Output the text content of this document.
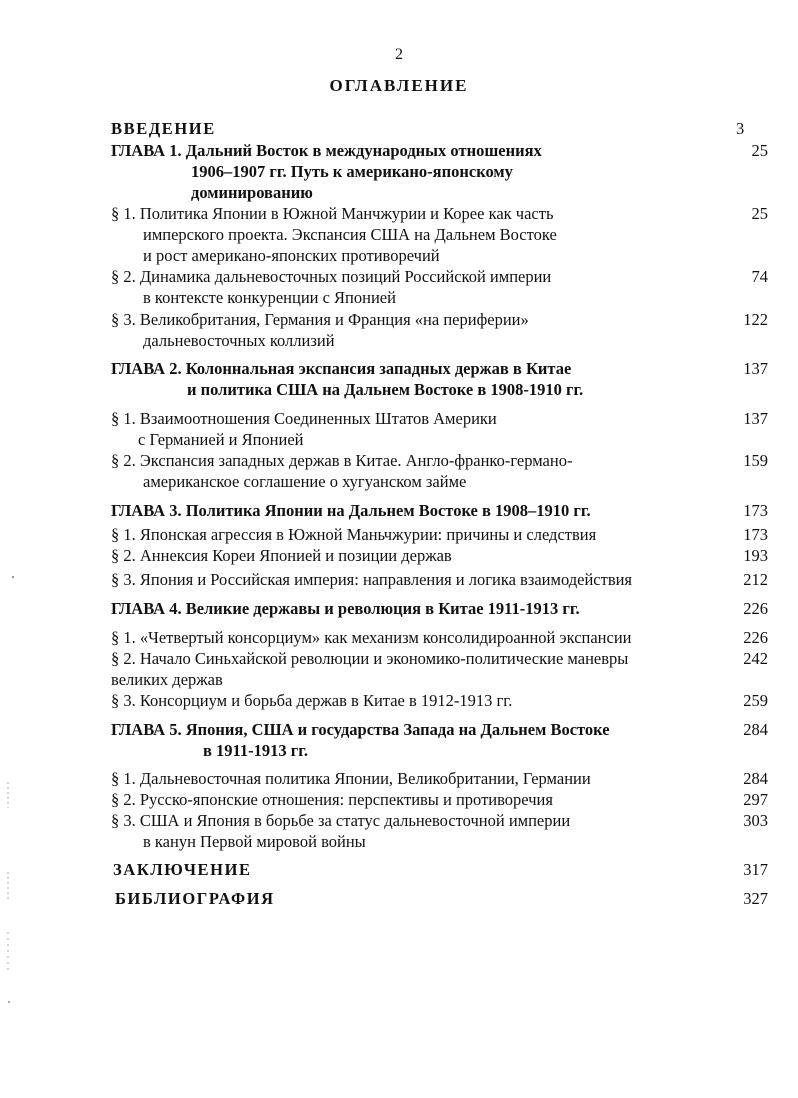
2
ОГЛАВЛЕНИЕ
ВВЕДЕНИЕ	3
ГЛАВА 1. Дальний Восток в международных отношениях
1906–1907 гг. Путь к американо-японскому
доминированию
25
§ 1. Политика Японии в Южной Манчжурии и Корее как часть
имперского проекта. Экспансия США на Дальнем Востоке
и рост американо-японских противоречий
25
§ 2. Динамика дальневосточных позиций Российской империи
в контексте конкуренции с Японией
74
§ 3. Великобритания, Германия и Франция «на периферии»
дальневосточных коллизий
122
ГЛАВА 2. Колоннальная экспансия западных держав в Китае
и политика США на Дальнем Востоке в 1908-1910 гг.
137
§ 1. Взаимоотношения Соединенных Штатов Америки
с Германией и Японией
137
§ 2. Экспансия западных держав в Китае. Англо-франко-германо-
американское соглашение о хугуанском займе
159
ГЛАВА 3. Политика Японии на Дальнем Востоке в 1908–1910 гг.	173
§ 1. Японская агрессия в Южной Маньчжурии: причины и следствия	173
§ 2. Аннексия Кореи Японией и позиции держав	193
§ 3. Япония и Российская империя: направления и логика взаимодействия	212
ГЛАВА 4. Великие державы и революция в Китае 1911-1913 гг.	226
§ 1. «Четвертый консорциум» как механизм консолидироанной экспансии	226
§ 2. Начало Синьхайской революции и экономико-политические маневры
великих держав
242
§ 3. Консорциум и борьба держав в Китае в 1912-1913 гг.	259
ГЛАВА 5. Япония, США и государства Запада на Дальнем Востоке
в 1911-1913 гг.
284
§ 1. Дальневосточная политика Японии, Великобритании, Германии	284
§ 2. Русско-японские отношения: перспективы и противоречия	297
§ 3. США и Япония в борьбе за статус дальневосточной империи
в канун Первой мировой войны
303
ЗАКЛЮЧЕНИЕ	317
БИБЛИОГРАФИЯ	327
